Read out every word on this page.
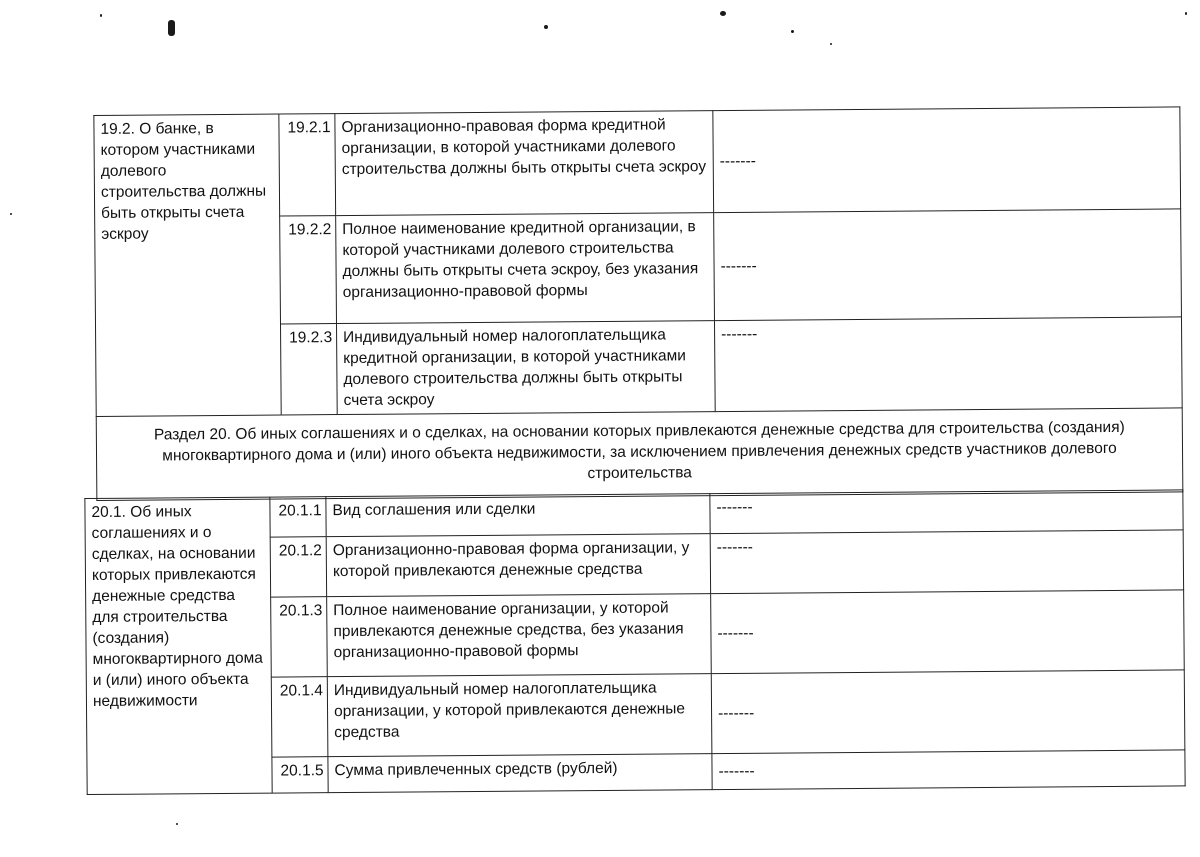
19.2. О банке, в котором участниками долевого строительства должны быть открыты счета эскроу	19.2.1	Организационно-правовая форма кредитной организации, в которой участниками долевого строительства должны быть открыты счета эскроу	-------
	19.2.2	Полное наименование кредитной организации, в которой участниками долевого строительства должны быть открыты счета эскроу, без указания организационно-правовой формы	-------
	19.2.3	Индивидуальный номер налогоплательщика кредитной организации, в которой участниками долевого строительства должны быть открыты счета эскроу	-------
Раздел 20. Об иных соглашениях и о сделках, на основании которых привлекаются денежные средства для строительства (создания) многоквартирного дома и (или) иного объекта недвижимости, за исключением привлечения денежных средств участников долевого строительства			
20.1. Об иных соглашениях и о сделках, на основании которых привлекаются денежные средства для строительства (создания) многоквартирного дома и (или) иного объекта недвижимости	20.1.1	Вид соглашения или сделки	-------
	20.1.2	Организационно-правовая форма организации, у которой привлекаются денежные средства	-------
	20.1.3	Полное наименование организации, у которой привлекаются денежные средства, без указания организационно-правовой формы	-------
	20.1.4	Индивидуальный номер налогоплательщика организации, у которой привлекаются денежные средства	-------
	20.1.5	Сумма привлеченных средств (рублей)	-------
